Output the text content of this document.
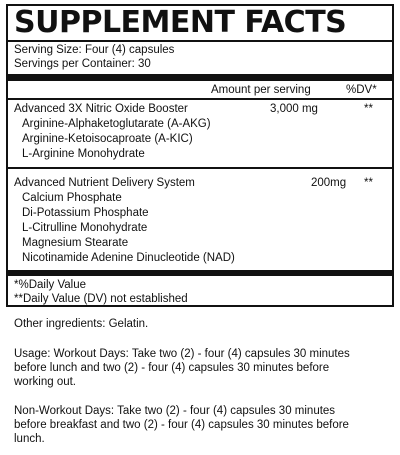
SUPPLEMENT FACTS
Serving Size: Four (4) capsules
Servings per Container: 30
Amount per serving	%DV*
Advanced 3X Nitric Oxide Booster	3,000 mg	**
Arginine-Alphaketoglutarate (A-AKG)
Arginine-Ketoisocaproate (A-KIC)
L-Arginine Monohydrate
Advanced Nutrient Delivery System	200mg **
Calcium Phosphate
Di-Potassium Phosphate
L-Citrulline Monohydrate
Magnesium Stearate
Nicotinamide Adenine Dinucleotide (NAD)
*%Daily Value
**Daily Value (DV) not established
Other ingredients: Gelatin.
Usage: Workout Days: Take two (2) - four (4) capsules 30 minutes
before lunch and two (2) - four (4) capsules 30 minutes before
working out.
Non-Workout Days: Take two (2) - four (4) capsules 30 minutes
before breakfast and two (2) - four (4) capsules 30 minutes before
lunch.
